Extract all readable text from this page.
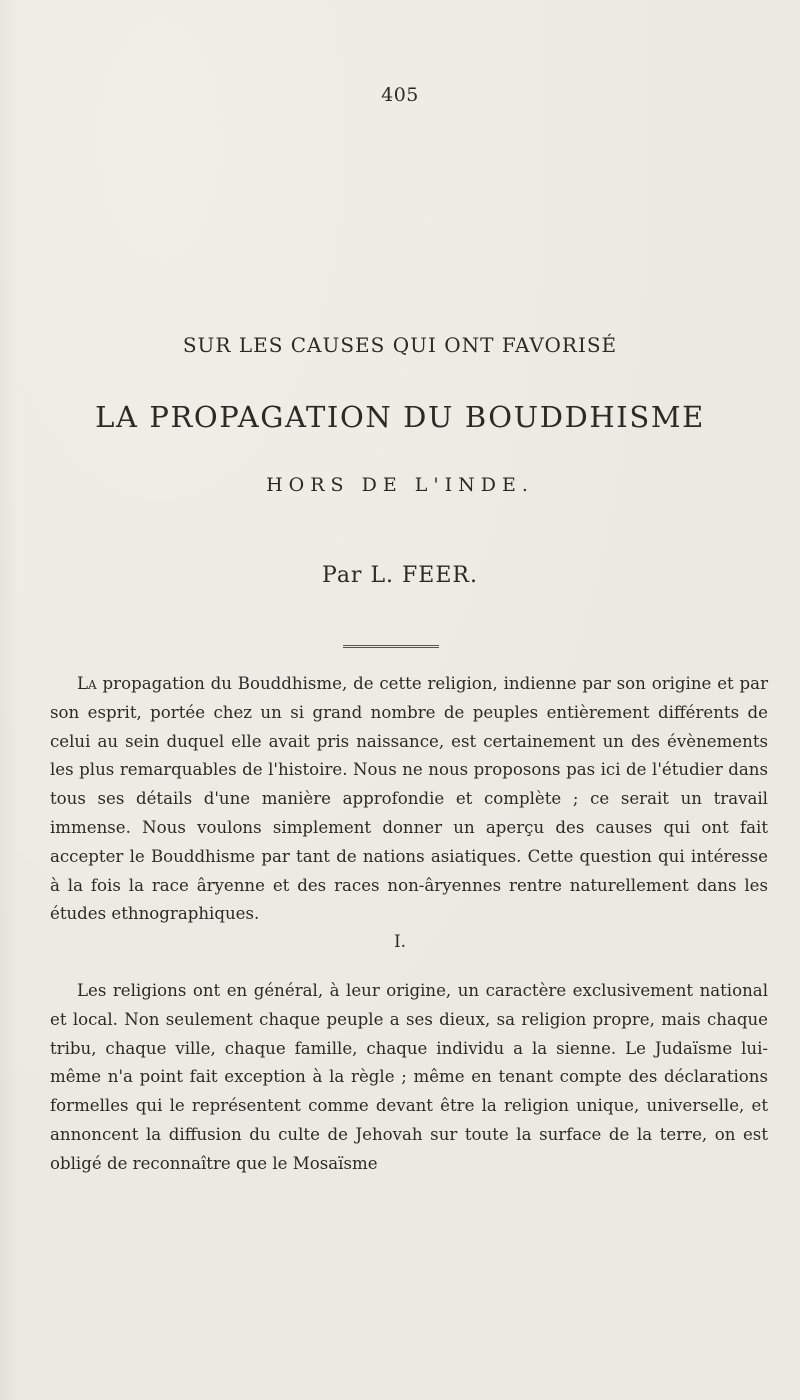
405
SUR LES CAUSES QUI ONT FAVORISÉ
LA PROPAGATION DU BOUDDHISME
HORS DE L'INDE.
Par L. FEER.

La propagation du Bouddhisme, de cette religion, indienne par son origine et par son esprit, portée chez un si grand nombre de peuples entièrement différents de celui au sein duquel elle avait pris naissance, est certainement un des évènements les plus remarquables de l'histoire. Nous ne nous proposons pas ici de l'étudier dans tous ses détails d'une manière approfondie et complète ; ce serait un travail immense. Nous voulons simplement donner un aperçu des causes qui ont fait accepter le Bouddhisme par tant de nations asiatiques. Cette question qui intéresse à la fois la race âryenne et des races non-âryennes rentre naturellement dans les études ethnographiques.

I.

Les religions ont en général, à leur origine, un caractère exclusivement national et local. Non seulement chaque peuple a ses dieux, sa religion propre, mais chaque tribu, chaque ville, chaque famille, chaque individu a la sienne. Le Judaïsme lui-même n'a point fait exception à la règle ; même en tenant compte des déclarations formelles qui le représentent comme devant être la religion unique, universelle, et annoncent la diffusion du culte de Jehovah sur toute la surface de la terre, on est obligé de reconnaître que le Mosaïsme
